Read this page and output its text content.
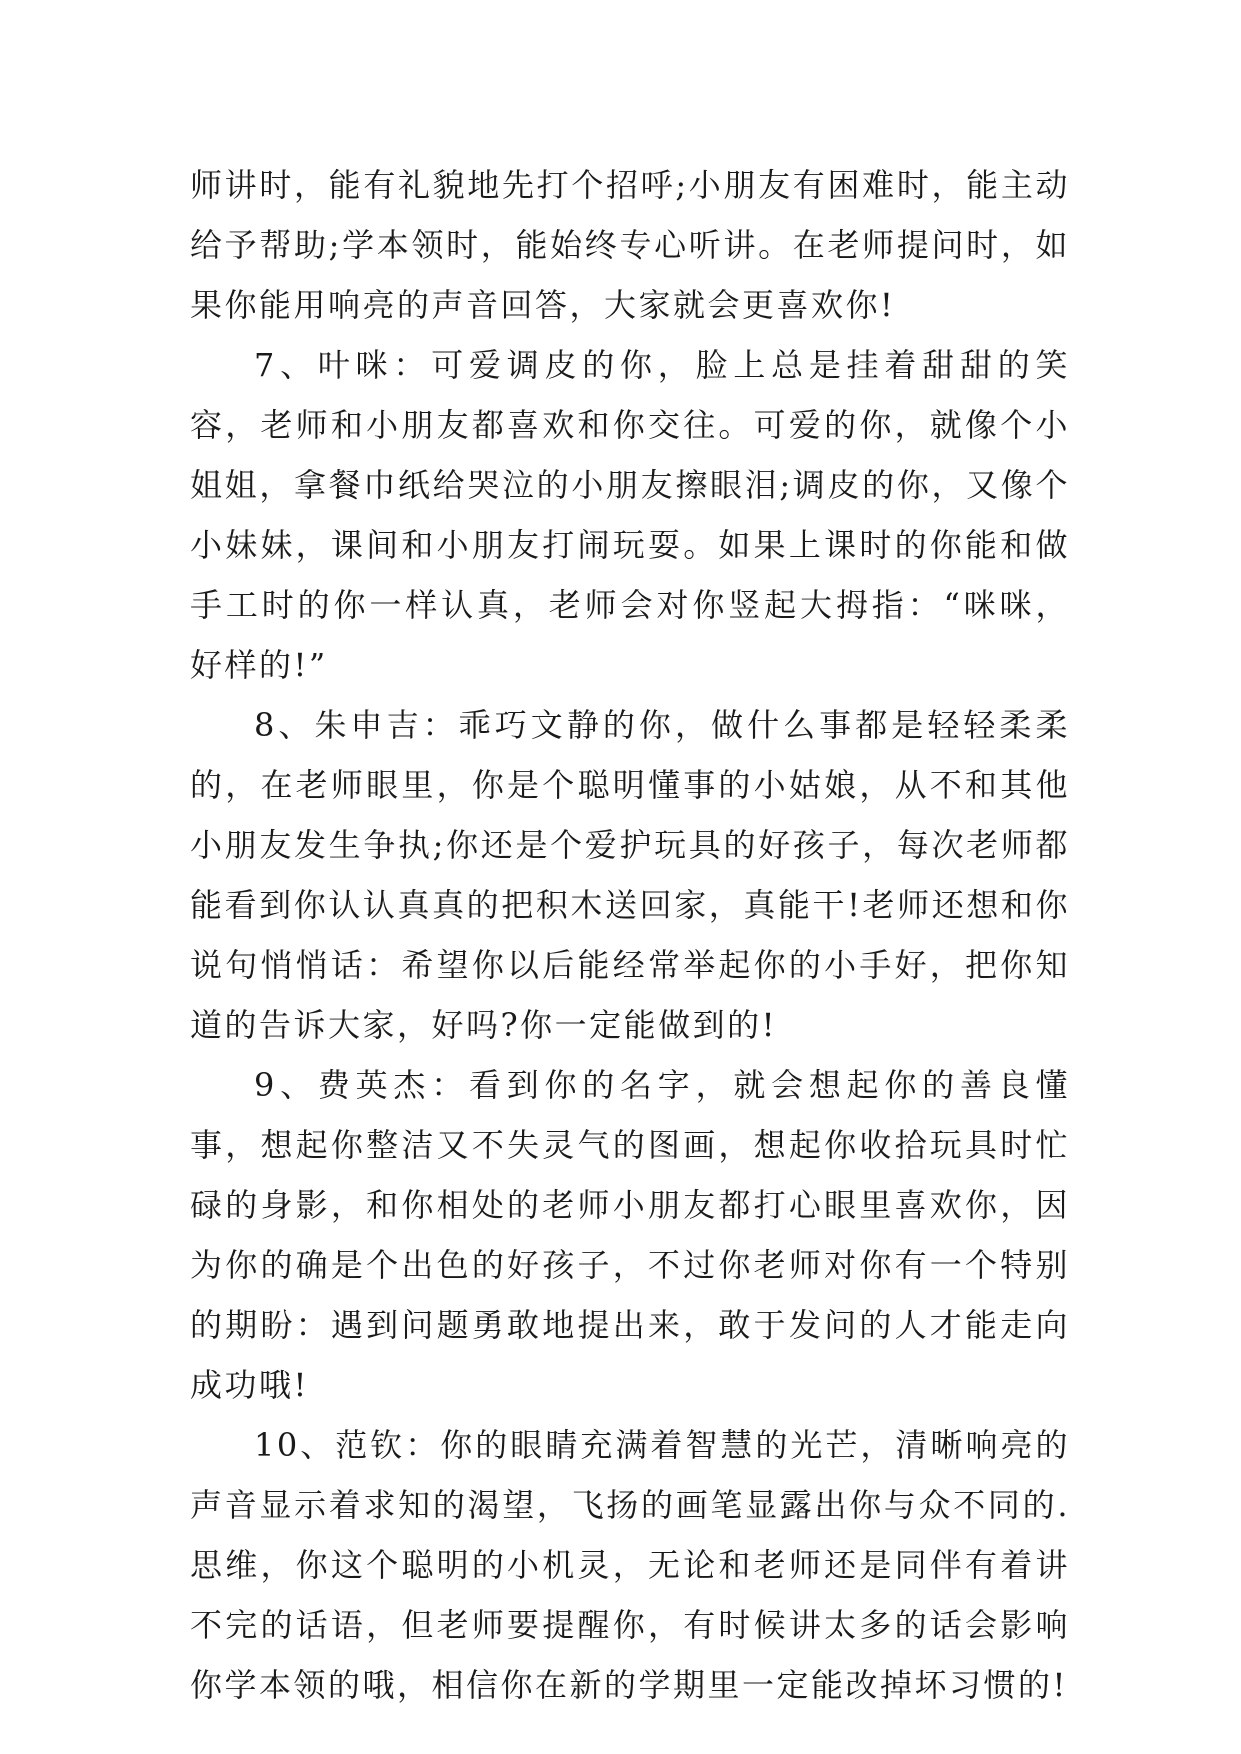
师讲时，能有礼貌地先打个招呼;小朋友有困难时，能主动给予帮助;学本领时，能始终专心听讲。在老师提问时，如果你能用响亮的声音回答，大家就会更喜欢你!

7、叶咪：可爱调皮的你，脸上总是挂着甜甜的笑容，老师和小朋友都喜欢和你交往。可爱的你，就像个小姐姐，拿餐巾纸给哭泣的小朋友擦眼泪;调皮的你，又像个小妹妹，课间和小朋友打闹玩耍。如果上课时的你能和做手工时的你一样认真，老师会对你竖起大拇指：“咪咪，好样的!”

8、朱申吉：乖巧文静的你，做什么事都是轻轻柔柔的，在老师眼里，你是个聪明懂事的小姑娘，从不和其他小朋友发生争执;你还是个爱护玩具的好孩子，每次老师都能看到你认认真真的把积木送回家，真能干!老师还想和你说句悄悄话：希望你以后能经常举起你的小手好，把你知道的告诉大家，好吗?你一定能做到的!

9、费英杰：看到你的名字，就会想起你的善良懂事，想起你整洁又不失灵气的图画，想起你收拾玩具时忙碌的身影，和你相处的老师小朋友都打心眼里喜欢你，因为你的确是个出色的好孩子，不过你老师对你有一个特别的期盼：遇到问题勇敢地提出来，敢于发问的人才能走向成功哦!

10、范钦：你的眼睛充满着智慧的光芒，清晰响亮的声音显示着求知的渴望，飞扬的画笔显露出你与众不同的.思维，你这个聪明的小机灵，无论和老师还是同伴有着讲不完的话语，但老师要提醒你，有时候讲太多的话会影响你学本领的哦，相信你在新的学期里一定能改掉坏习惯的!
